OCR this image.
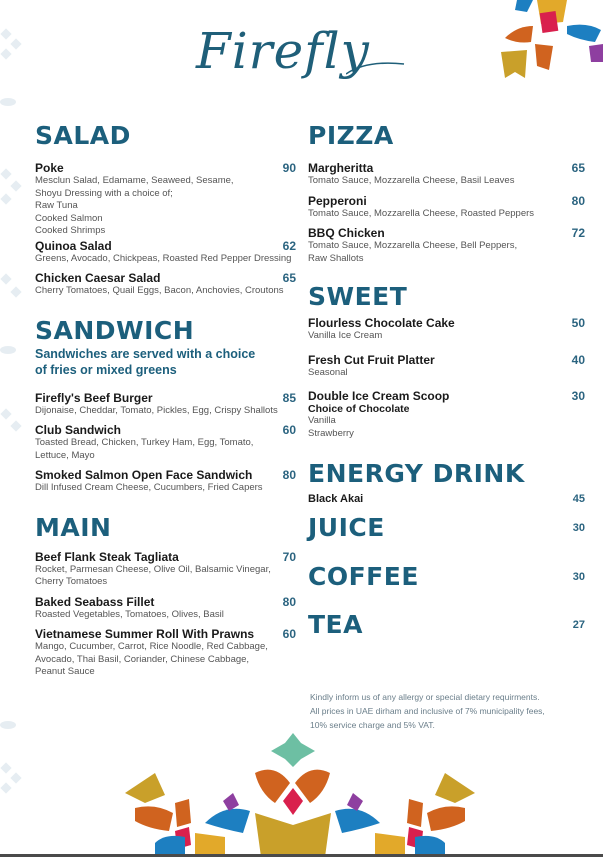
Firefly
SALAD
Poke	90
Mesclun Salad, Edamame, Seaweed, Sesame,
Shoyu Dressing with a choice of;
Raw Tuna
Cooked Salmon
Cooked Shrimps
Quinoa Salad	62
Greens, Avocado, Chickpeas, Roasted Red Pepper Dressing
Chicken Caesar Salad	65
Cherry Tomatoes, Quail Eggs, Bacon, Anchovies, Croutons
SANDWICH
Sandwiches are served with a choice
of fries or mixed greens
Firefly's Beef Burger	85
Dijonaise, Cheddar, Tomato, Pickles, Egg, Crispy Shallots
Club Sandwich	60
Toasted Bread, Chicken, Turkey Ham, Egg, Tomato,
Lettuce, Mayo
Smoked Salmon Open Face Sandwich	80
Dill Infused Cream Cheese, Cucumbers, Fried Capers
MAIN
Beef Flank Steak Tagliata	70
Rocket, Parmesan Cheese, Olive Oil, Balsamic Vinegar,
Cherry Tomatoes
Baked Seabass Fillet	80
Roasted Vegetables, Tomatoes, Olives, Basil
Vietnamese Summer Roll With Prawns 60
Mango, Cucumber, Carrot, Rice Noodle, Red Cabbage,
Avocado, Thai Basil, Coriander, Chinese Cabbage,
Peanut Sauce
PIZZA
Margheritta	65
Tomato Sauce, Mozzarella Cheese, Basil Leaves
Pepperoni	80
Tomato Sauce, Mozzarella Cheese, Roasted Peppers
BBQ Chicken	72
Tomato Sauce, Mozzarella Cheese, Bell Peppers,
Raw Shallots
SWEET
Flourless Chocolate Cake	50
Vanilla Ice Cream
Fresh Cut Fruit Platter	40
Seasonal
Double Ice Cream Scoop	30
Choice of Chocolate
Vanilla
Strawberry
ENERGY DRINK
Black Akai	45
JUICE	30
COFFEE	30
TEA	27
Kindly inform us of any allergy or special dietary requirments.
All prices in UAE dirham and inclusive of 7% municipality fees,
10% service charge and 5% VAT.
